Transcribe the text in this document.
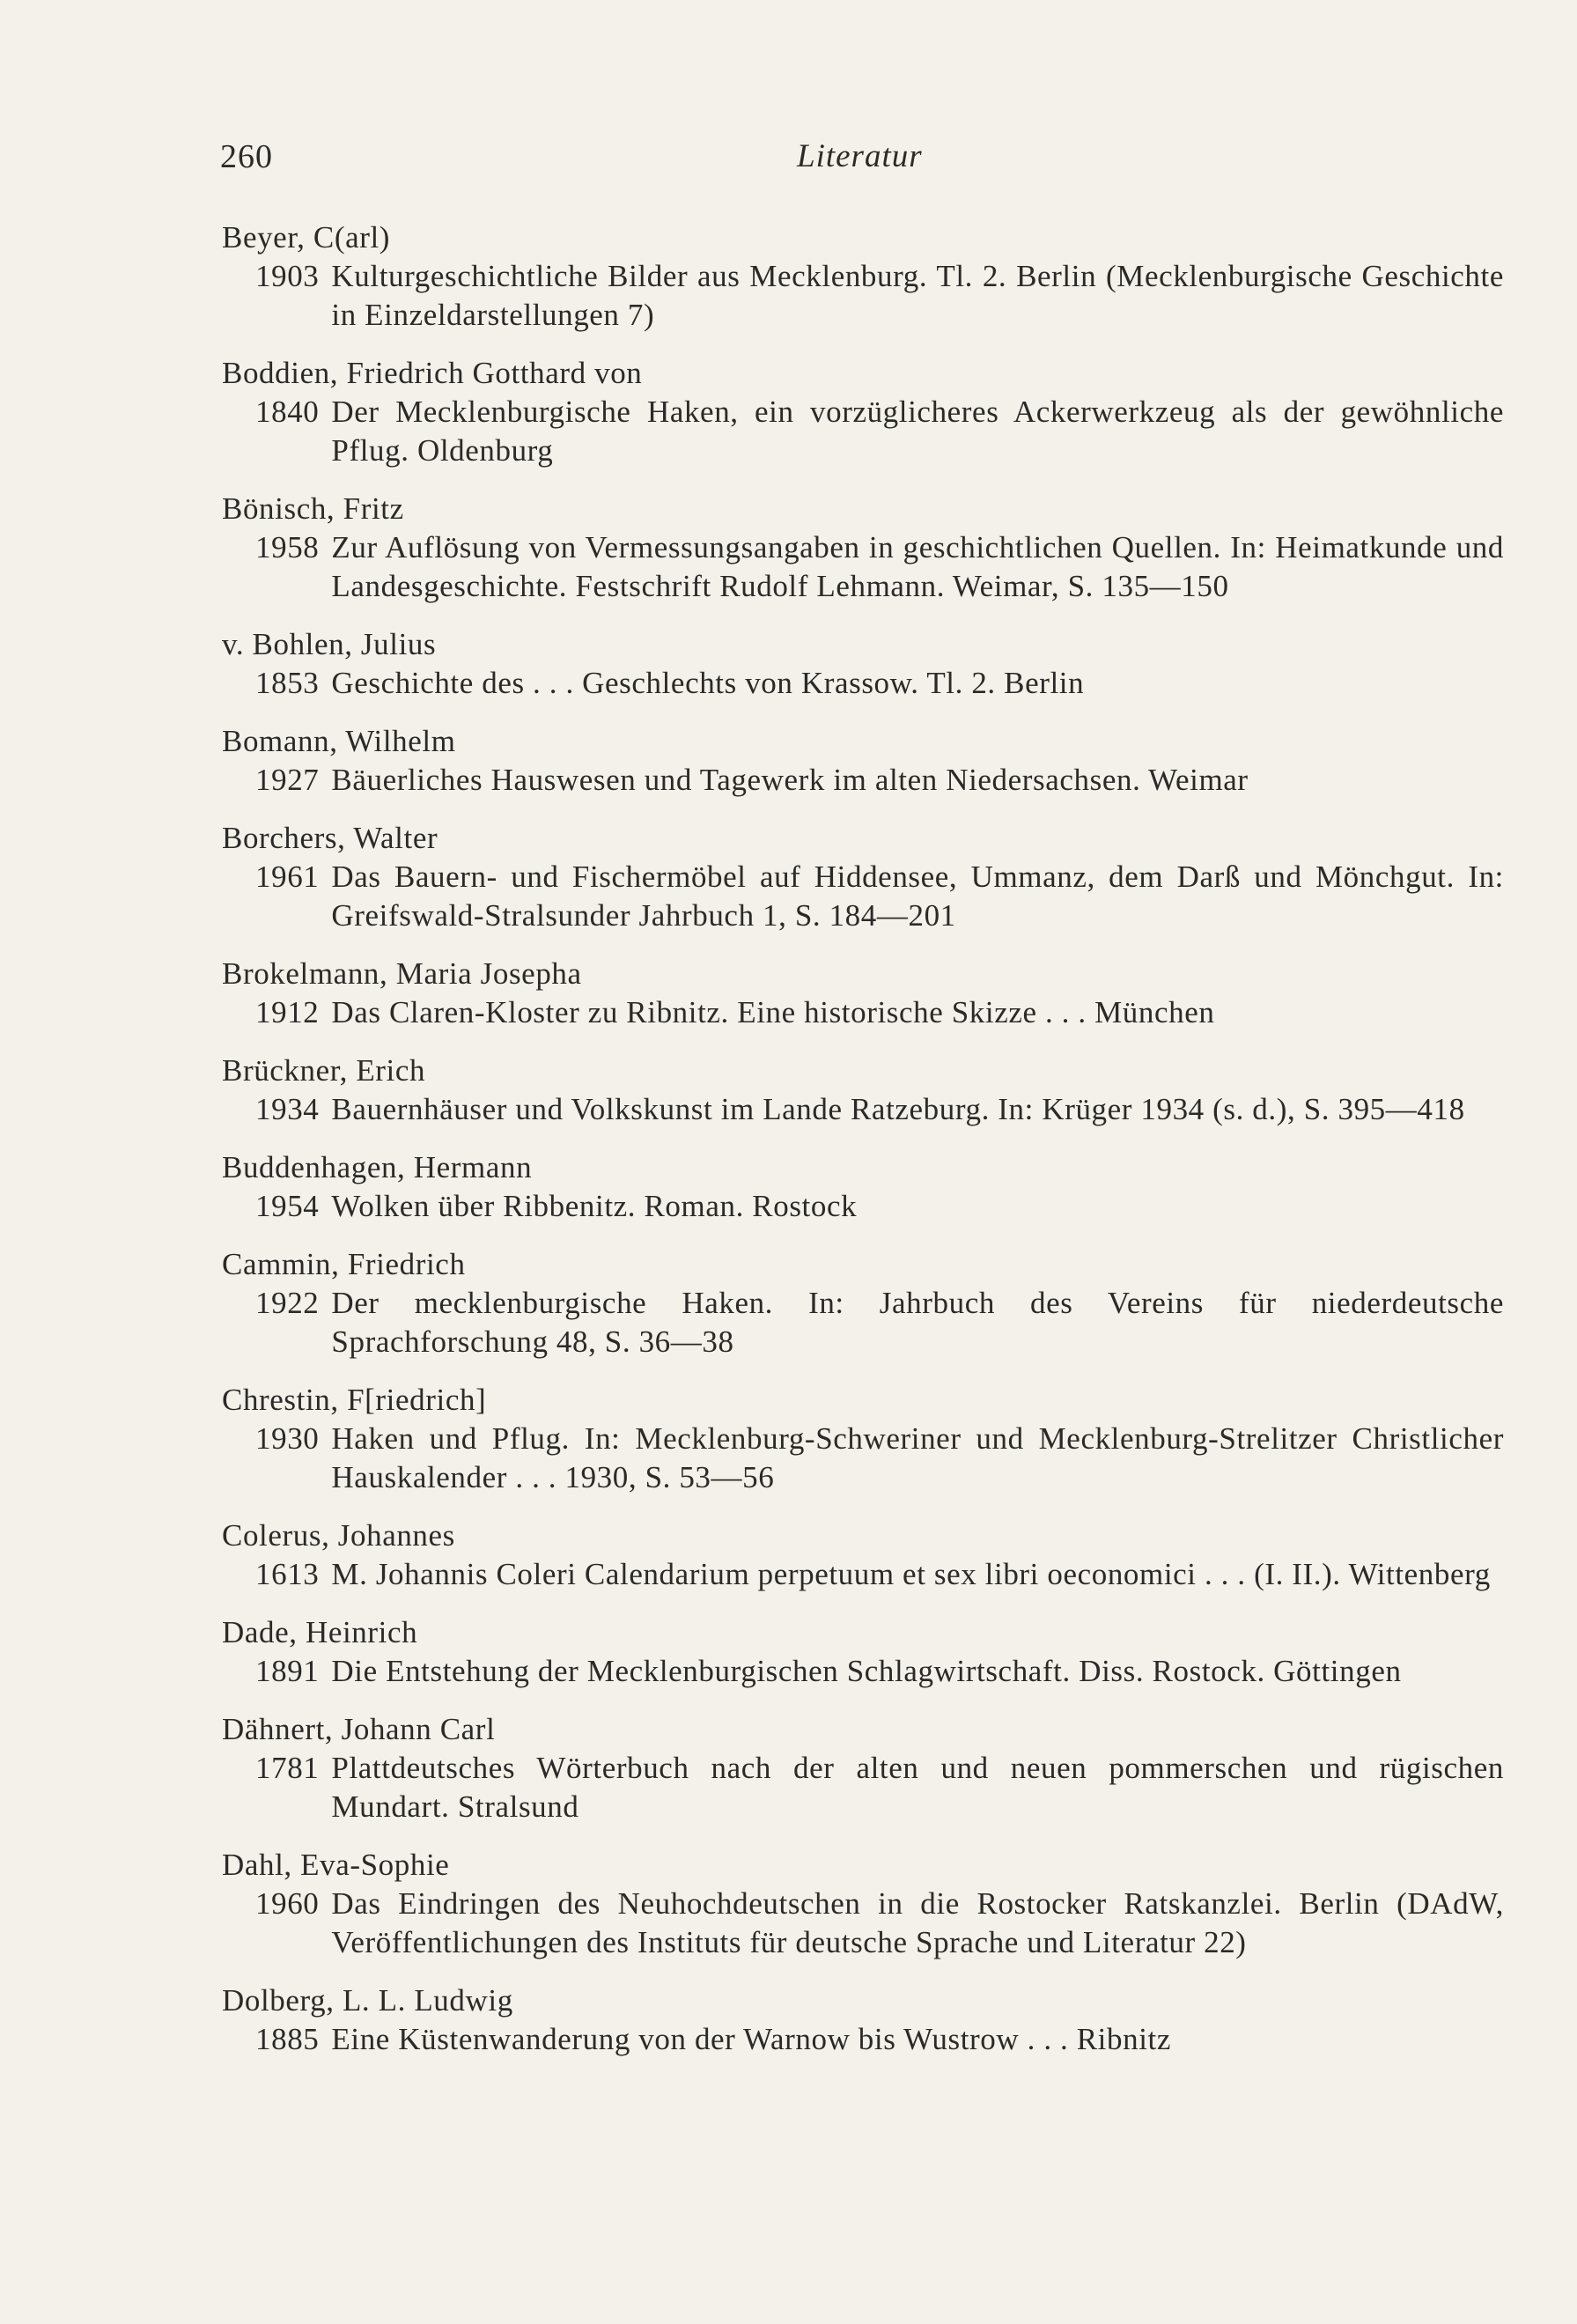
260	Literatur
Beyer, C(arl)
1903 Kulturgeschichtliche Bilder aus Mecklenburg. Tl. 2. Berlin (Mecklenburgische Geschichte in Einzeldarstellungen 7)
Boddien, Friedrich Gotthard von
1840 Der Mecklenburgische Haken, ein vorzüglicheres Ackerwerkzeug als der gewöhnliche Pflug. Oldenburg
Bönisch, Fritz
1958 Zur Auflösung von Vermessungsangaben in geschichtlichen Quellen. In: Heimatkunde und Landesgeschichte. Festschrift Rudolf Lehmann. Weimar, S. 135—150
v. Bohlen, Julius
1853 Geschichte des . . . Geschlechts von Krassow. Tl. 2. Berlin
Bomann, Wilhelm
1927 Bäuerliches Hauswesen und Tagewerk im alten Niedersachsen. Weimar
Borchers, Walter
1961 Das Bauern- und Fischermöbel auf Hiddensee, Ummanz, dem Darß und Mönchgut. In: Greifswald-Stralsunder Jahrbuch 1, S. 184—201
Brokelmann, Maria Josepha
1912 Das Claren-Kloster zu Ribnitz. Eine historische Skizze . . . München
Brückner, Erich
1934 Bauernhäuser und Volkskunst im Lande Ratzeburg. In: Krüger 1934 (s. d.), S. 395—418
Buddenhagen, Hermann
1954 Wolken über Ribbenitz. Roman. Rostock
Cammin, Friedrich
1922 Der mecklenburgische Haken. In: Jahrbuch des Vereins für niederdeutsche Sprachforschung 48, S. 36—38
Chrestin, F[riedrich]
1930 Haken und Pflug. In: Mecklenburg-Schweriner und Mecklenburg-Strelitzer Christlicher Hauskalender . . . 1930, S. 53—56
Colerus, Johannes
1613 M. Johannis Coleri Calendarium perpetuum et sex libri oeconomici . . . (I. II.). Wittenberg
Dade, Heinrich
1891 Die Entstehung der Mecklenburgischen Schlagwirtschaft. Diss. Rostock. Göttingen
Dähnert, Johann Carl
1781 Plattdeutsches Wörterbuch nach der alten und neuen pommerschen und rügischen Mundart. Stralsund
Dahl, Eva-Sophie
1960 Das Eindringen des Neuhochdeutschen in die Rostocker Ratskanzlei. Berlin (DAdW, Veröffentlichungen des Instituts für deutsche Sprache und Literatur 22)
Dolberg, L. L. Ludwig
1885 Eine Küstenwanderung von der Warnow bis Wustrow . . . Ribnitz
